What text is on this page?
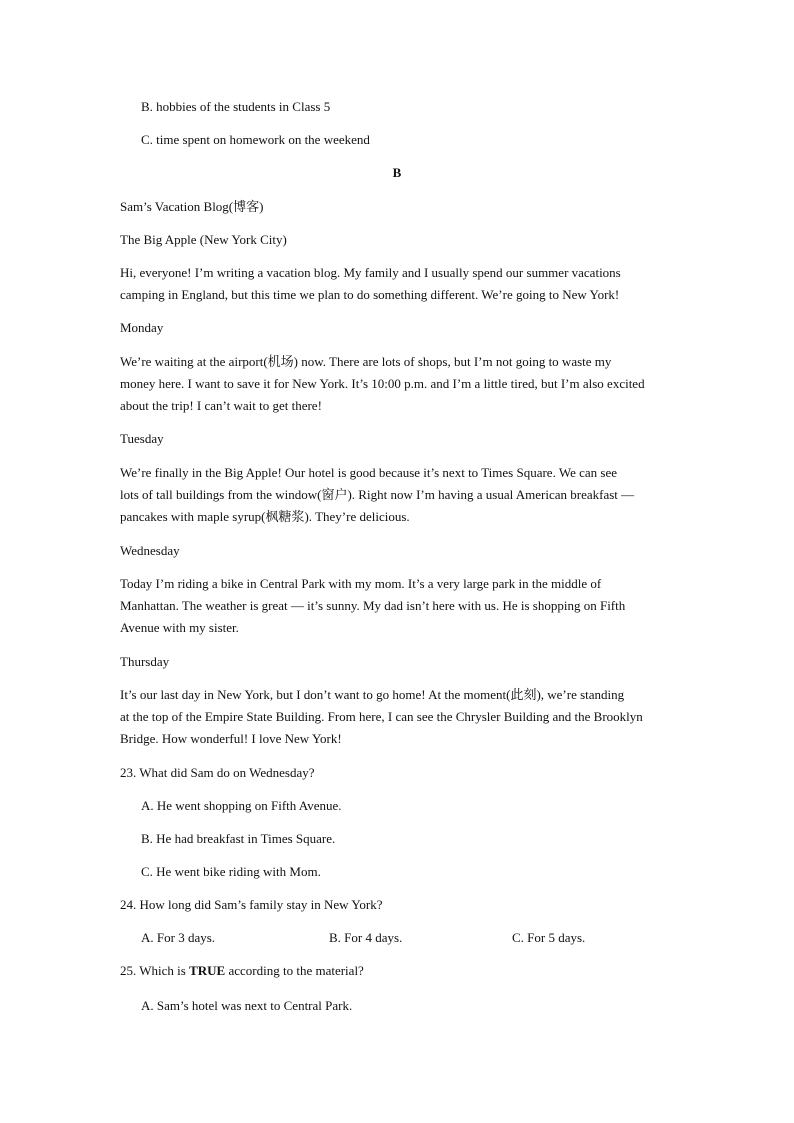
B. hobbies of the students in Class 5
C. time spent on homework on the weekend
B
Sam’s Vacation Blog(博客)
The Big Apple (New York City)
Hi, everyone! I’m writing a vacation blog. My family and I usually spend our summer vacations
camping in England, but this time we plan to do something different. We’re going to New York!
Monday
We’re waiting at the airport(机场) now. There are lots of shops, but I’m not going to waste my
money here. I want to save it for New York. It’s 10:00 p.m. and I’m a little tired, but I’m also excited
about the trip! I can’t wait to get there!
Tuesday
We’re finally in the Big Apple! Our hotel is good because it’s next to Times Square. We can see
lots of tall buildings from the window(窗户). Right now I’m having a usual American breakfast —
pancakes with maple syrup(枫糖浆). They’re delicious.
Wednesday
Today I’m riding a bike in Central Park with my mom. It’s a very large park in the middle of
Manhattan. The weather is great — it’s sunny. My dad isn’t here with us. He is shopping on Fifth
Avenue with my sister.
Thursday
It’s our last day in New York, but I don’t want to go home! At the moment(此刻), we’re standing
at the top of the Empire State Building. From here, I can see the Chrysler Building and the Brooklyn
Bridge. How wonderful! I love New York!
23. What did Sam do on Wednesday?
A. He went shopping on Fifth Avenue.
B. He had breakfast in Times Square.
C. He went bike riding with Mom.
24. How long did Sam’s family stay in New York?
A. For 3 days.	B. For 4 days.	C. For 5 days.
25. Which is TRUE according to the material?
A. Sam’s hotel was next to Central Park.
